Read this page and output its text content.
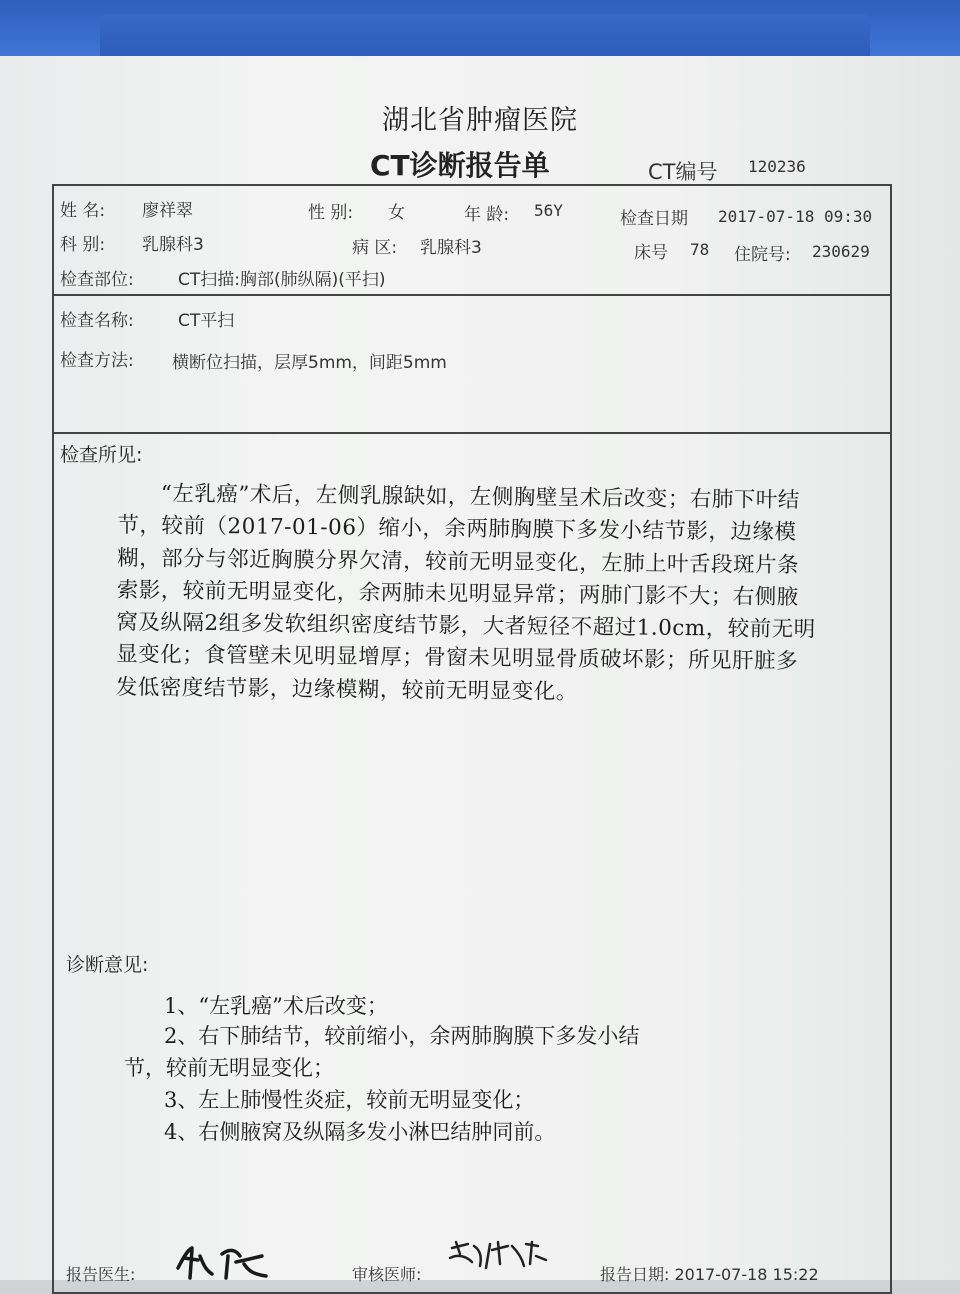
湖北省肿瘤医院
CT诊断报告单	CT编号 120236
姓 名: 廖祥翠	性 别: 女	年 龄: 56Y	检查日期 2017-07-18 09:30
科 别: 乳腺科3	病 区: 乳腺科3	床号 78 住院号: 230629
检查部位:	CT扫描:胸部(肺纵隔)(平扫)
检查名称:	CT平扫
检查方法: 横断位扫描，层厚5mm，间距5mm
检查所见:
“左乳癌”术后，左侧乳腺缺如，左侧胸壁呈术后改变；右肺下叶结节，较前（2017-01-06）缩小，余两肺胸膜下多发小结节影，边缘模糊，部分与邻近胸膜分界欠清，较前无明显变化，左肺上叶舌段斑片条索影，较前无明显变化，余两肺未见明显异常；两肺门影不大；右侧腋窝及纵隔2组多发软组织密度结节影，大者短径不超过1.0cm，较前无明显变化；食管壁未见明显增厚；骨窗未见明显骨质破坏影；所见肝脏多发低密度结节影，边缘模糊，较前无明显变化。
诊断意见:
1、“左乳癌”术后改变；
2、右下肺结节，较前缩小，余两肺胸膜下多发小结
节，较前无明显变化；
3、左上肺慢性炎症，较前无明显变化；
4、右侧腋窝及纵隔多发小淋巴结肿同前。
报告医生:	审核医师:	报告日期: 2017-07-18 15:22
